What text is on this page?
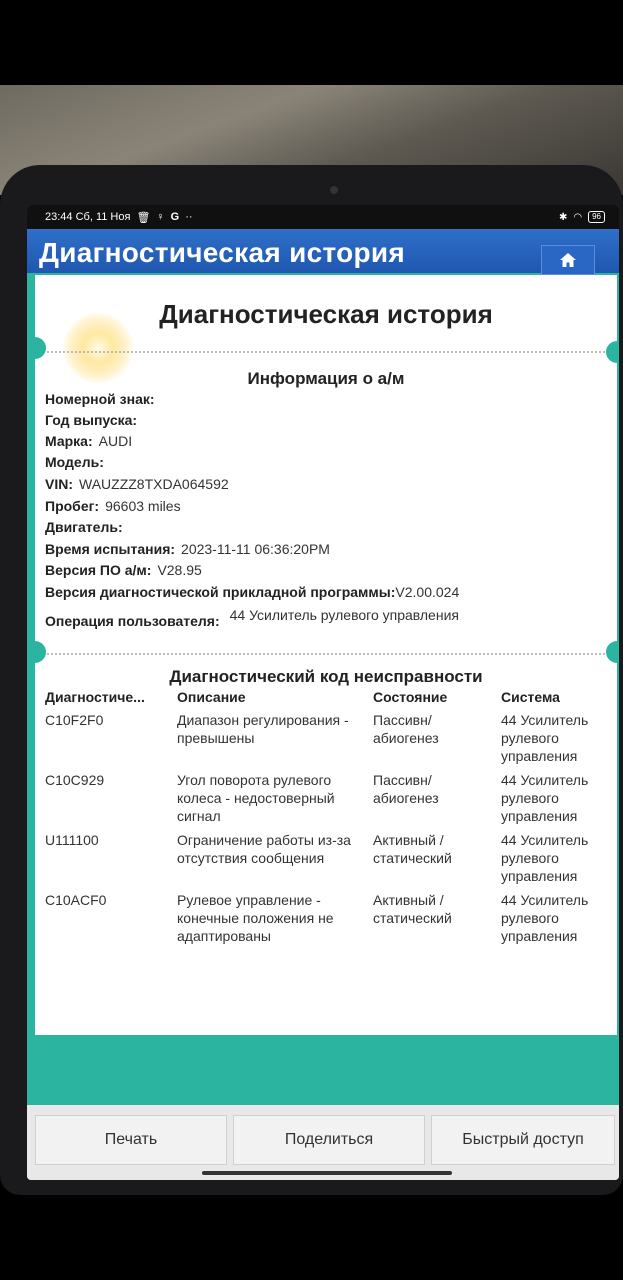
23:44 Сб, 11 Ноя 🗑 ♀ G ··	✱ ◠	96
Диагностическая история
Диагностическая история
Информация о а/м
Номерной знак:
Год выпуска:
Марка: AUDI
Модель:
VIN: WAUZZZ8TXDA064592
Пробег: 96603 miles
Двигатель:
Время испытания: 2023-11-11 06:36:20PM
Версия ПО а/м: V28.95
Версия диагностической прикладной программы:V2.00.024
Операция пользователя: 44 Усилитель рулевого управления
Диагностический код неисправности
Диагностиче...	Описание	Состояние	Система
C10F2F0	Диапазон регулирования - превышены	Пассивн/ абиогенез	44 Усилитель рулевого управления
C10C929	Угол поворота рулевого колеса - недостоверный сигнал	Пассивн/ абиогенез	44 Усилитель рулевого управления
U111100	Ограничение работы из-за отсутствия сообщения	Активный / статический	44 Усилитель рулевого управления
C10ACF0	Рулевое управление - конечные положения не адаптированы	Активный / статический	44 Усилитель рулевого управления
Печать	Поделиться	Быстрый доступ
